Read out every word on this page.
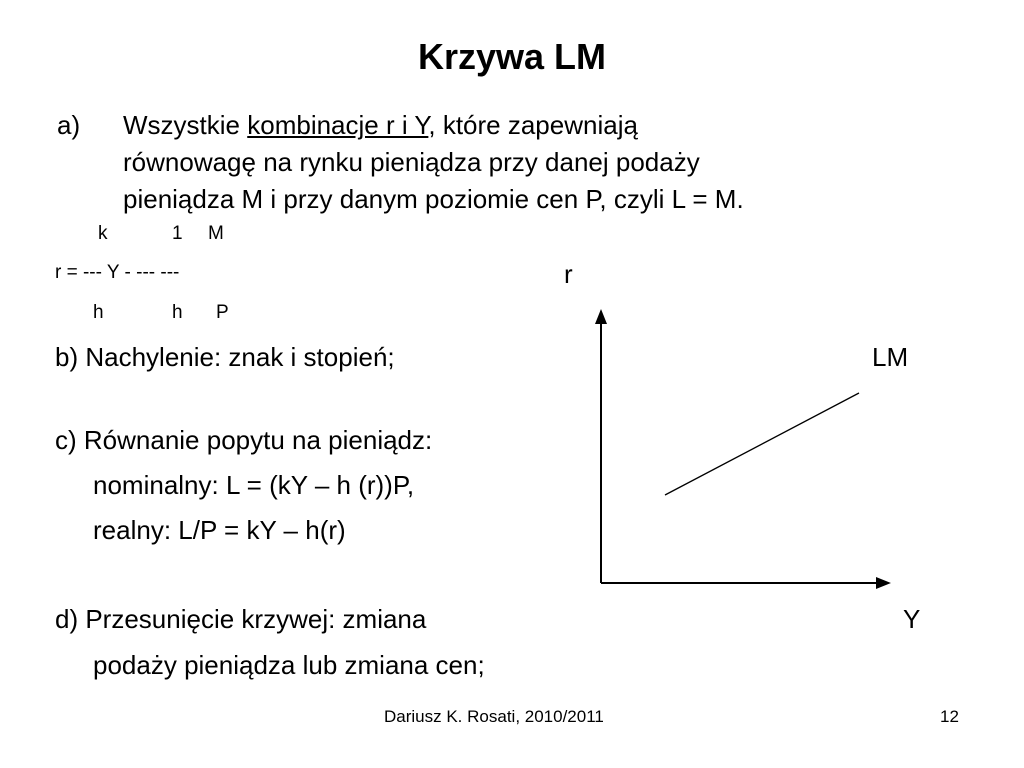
Krzywa LM
a) Wszystkie kombinacje r i Y, które zapewniają
równowagę na rynku pieniądza przy danej podaży
pieniądza M i przy danym poziomie cen P, czyli L = M.
k	1 M
r = --- Y - --- ---
h	h P
b) Nachylenie: znak i stopień;
c) Równanie popytu na pieniądz:
nominalny: L = (kY – h (r))P,
realny: L/P = kY – h(r)
d) Przesunięcie krzywej: zmiana
podaży pieniądza lub zmiana cen;
r
LM
Y
Dariusz K. Rosati, 2010/2011	12
